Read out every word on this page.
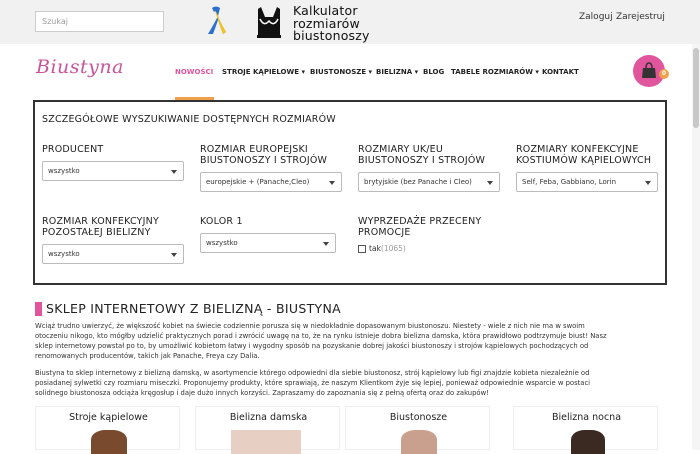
Szukaj
Kalkulator
rozmiarów
biustonoszy
Zaloguj Zarejestruj
Biustyna	NOWOŚCI STROJE KĄPIELOWE ▾ BIUSTONOSZE ▾ BIELIZNA ▾ BLOG TABELE ROZMIARÓW ▾ KONTAKT	0
SZCZEGÓŁOWE WYSZUKIWANIE DOSTĘPNYCH ROZMIARÓW
PRODUCENT
wszystko
ROZMIAR EUROPEJSKI
BIUSTONOSZY I STROJÓW
europejskie + (Panache,Cleo)
ROZMIARY UK/EU
BIUSTONOSZY I STROJÓW
brytyjskie (bez Panache i Cleo)
ROZMIARY KONFEKCYJNE
KOSTIUMÓW KĄPIELOWYCH
Self, Feba, Gabbiano, Lorin
ROZMIAR KONFEKCYJNY
POZOSTAŁEJ BIELIZNY
wszystko
KOLOR 1
wszystko
WYPRZEDAŻE PRZECENY
PROMOCJE
tak(1065)
SKLEP INTERNETOWY Z BIELIZNĄ - BIUSTYNA
Wciąż trudno uwierzyć, że większość kobiet na świecie codziennie porusza się w niedokładnie dopasowanym biustonoszu. Niestety - wiele z nich nie ma w swoim
otoczeniu nikogo, kto mógłby udzielić praktycznych porad i zwrócić uwagę na to, że na rynku istnieje dobra bielizna damska, która prawidłowo podtrzymuje biust! Nasz
sklep internetowy powstał po to, by umożliwić kobietom łatwy i wygodny sposób na pozyskanie dobrej jakości biustonoszy i strojów kąpielowych pochodzących od
renomowanych producentów, takich jak Panache, Freya czy Dalia.
Biustyna to sklep internetowy z bielizną damską, w asortymencie którego odpowiedni dla siebie biustonosz, strój kąpielowy lub figi znajdzie kobieta niezależnie od
posiadanej sylwetki czy rozmiaru miseczki. Proponujemy produkty, które sprawiają, że naszym Klientkom żyje się lepiej, ponieważ odpowiednie wsparcie w postaci
solidnego biustonosza odciąża kręgosłup i daje dużo innych korzyści. Zapraszamy do zapoznania się z pełną ofertą oraz do zakupów!
Stroje kąpielowe	Bielizna damska	Biustonosze	Bielizna nocna
